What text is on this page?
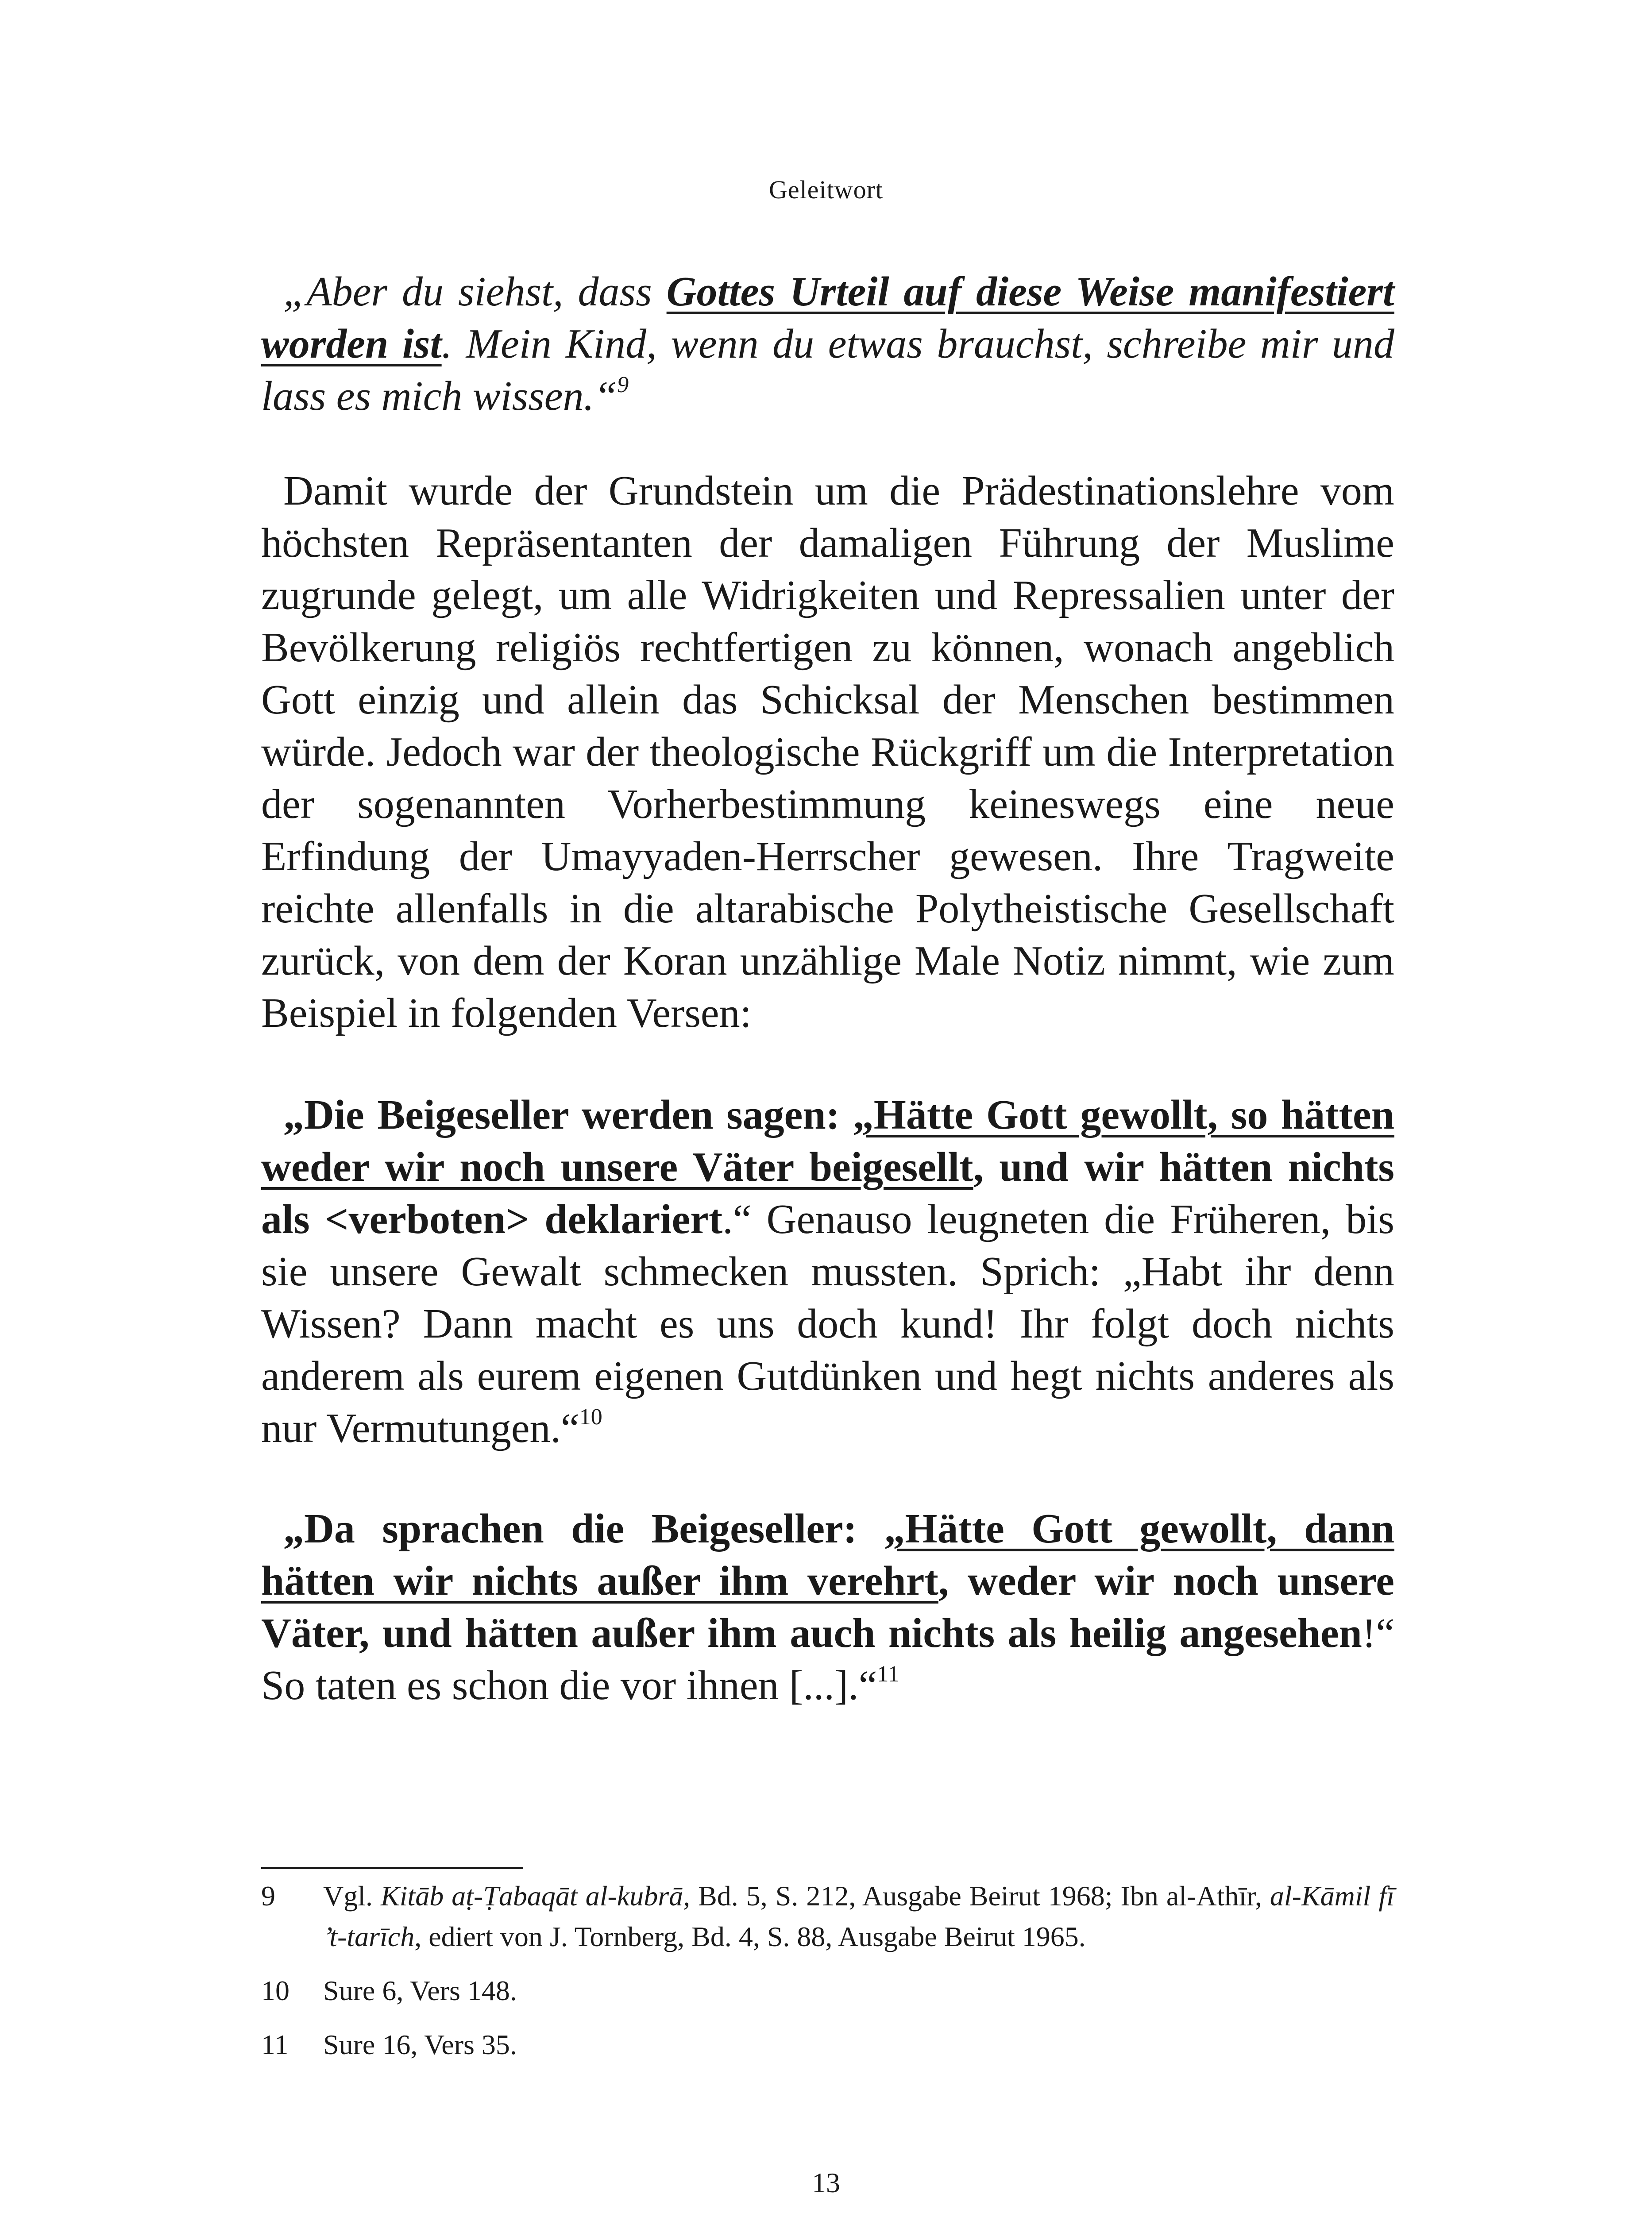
Geleitwort

„Aber du siehst, dass Gottes Urteil auf diese Weise manifestiert worden ist. Mein Kind, wenn du etwas brauchst, schreibe mir und lass es mich wissen.“$^9$

Damit wurde der Grundstein um die Prädestinationslehre vom höchsten Repräsentanten der damaligen Führung der Muslime zugrunde gelegt, um alle Widrigkeiten und Repressalien unter der Bevölkerung religiös rechtfertigen zu können, wonach angeblich Gott einzig und allein das Schicksal der Menschen bestimmen würde. Jedoch war der theologische Rückgriff um die Interpretation der sogenannten Vorherbestimmung keineswegs eine neue Erfindung der Umayyaden-Herrscher gewesen. Ihre Tragweite reichte allenfalls in die altarabische Polytheistische Gesellschaft zurück, von dem der Koran unzählige Male Notiz nimmt, wie zum Beispiel in folgenden Versen:

„Die Beigeseller werden sagen: „Hätte Gott gewollt, so hätten weder wir noch unsere Väter beigesellt, und wir hätten nichts als <verboten> deklariert.“ Genauso leugneten die Früheren, bis sie unsere Gewalt schmecken mussten. Sprich: „Habt ihr denn Wissen? Dann macht es uns doch kund! Ihr folgt doch nichts anderem als eurem eigenen Gutdünken und hegt nichts anderes als nur Vermutungen.“$^{10}$

„Da sprachen die Beigeseller: „Hätte Gott gewollt, dann hätten wir nichts außer ihm verehrt, weder wir noch unsere Väter, und hätten außer ihm auch nichts als heilig angesehen!“ So taten es schon die vor ihnen [...].“$^{11}$

9	Vgl. Kitāb aṭ-Ṭabaqāt al-kubrā, Bd. 5, S. 212, Ausgabe Beirut 1968; Ibn al-Athīr, al-Kāmil fī ’t-tarīch, ediert von J. Tornberg, Bd. 4, S. 88, Ausgabe Beirut 1965.
10	Sure 6, Vers 148.
11	Sure 16, Vers 35.
13
